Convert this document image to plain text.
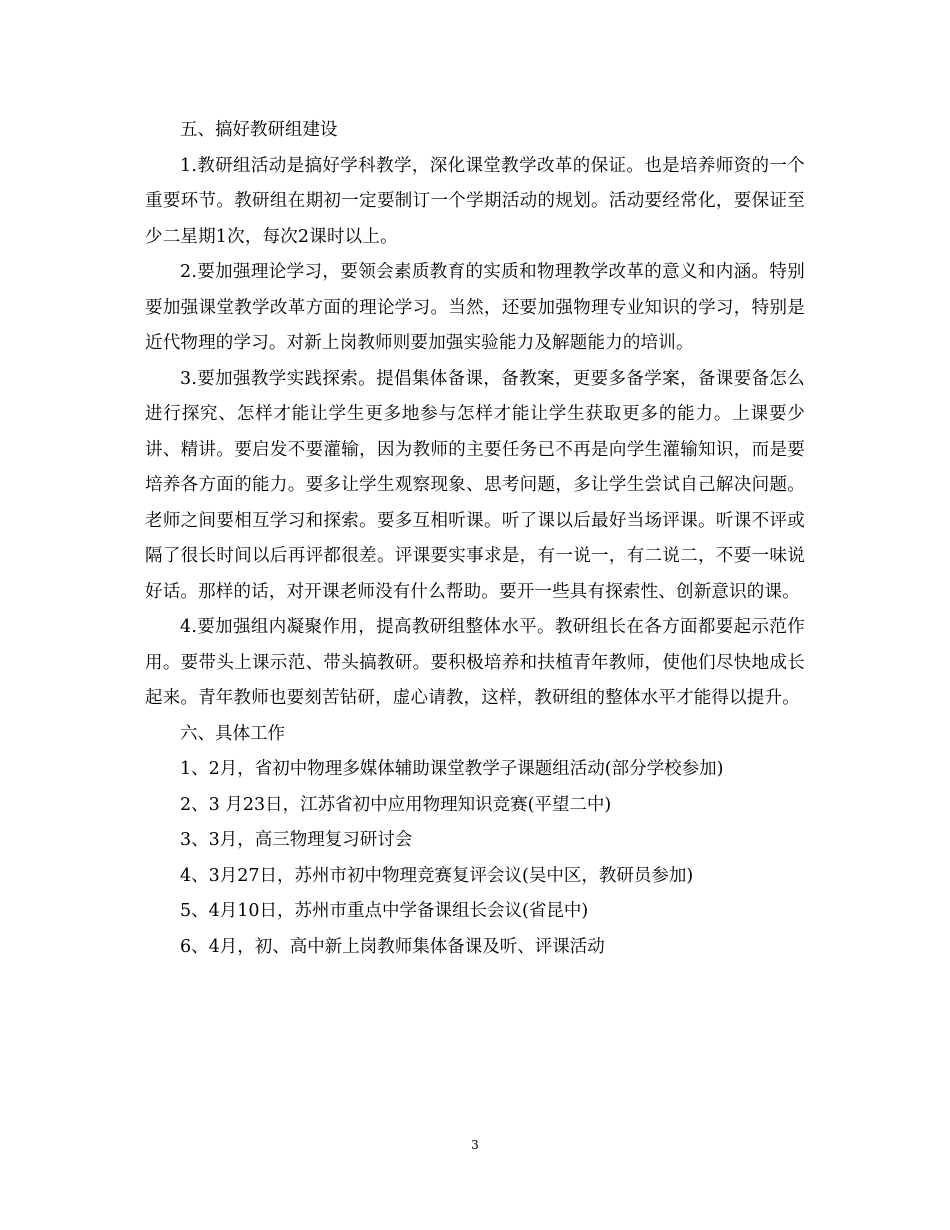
五、搞好教研组建设

1.教研组活动是搞好学科教学，深化课堂教学改革的保证。也是培养师资的一个重要环节。教研组在期初一定要制订一个学期活动的规划。活动要经常化，要保证至少二星期1次，每次2课时以上。

2.要加强理论学习，要领会素质教育的实质和物理教学改革的意义和内涵。特别要加强课堂教学改革方面的理论学习。当然，还要加强物理专业知识的学习，特别是近代物理的学习。对新上岗教师则要加强实验能力及解题能力的培训。

3.要加强教学实践探索。提倡集体备课，备教案，更要多备学案，备课要备怎么进行探究、怎样才能让学生更多地参与怎样才能让学生获取更多的能力。上课要少讲、精讲。要启发不要灌输，因为教师的主要任务已不再是向学生灌输知识，而是要培养各方面的能力。要多让学生观察现象、思考问题，多让学生尝试自己解决问题。老师之间要相互学习和探索。要多互相听课。听了课以后最好当场评课。听课不评或隔了很长时间以后再评都很差。评课要实事求是，有一说一，有二说二，不要一味说好话。那样的话，对开课老师没有什么帮助。要开一些具有探索性、创新意识的课。

4.要加强组内凝聚作用，提高教研组整体水平。教研组长在各方面都要起示范作用。要带头上课示范、带头搞教研。要积极培养和扶植青年教师，使他们尽快地成长起来。青年教师也要刻苦钻研，虚心请教，这样，教研组的整体水平才能得以提升。

六、具体工作

1、2月，省初中物理多媒体辅助课堂教学子课题组活动(部分学校参加)

2、3 月23日，江苏省初中应用物理知识竞赛(平望二中)

3、3月，高三物理复习研讨会

4、3月27日，苏州市初中物理竞赛复评会议(吴中区，教研员参加)

5、4月10日，苏州市重点中学备课组长会议(省昆中)

6、4月，初、高中新上岗教师集体备课及听、评课活动

3
